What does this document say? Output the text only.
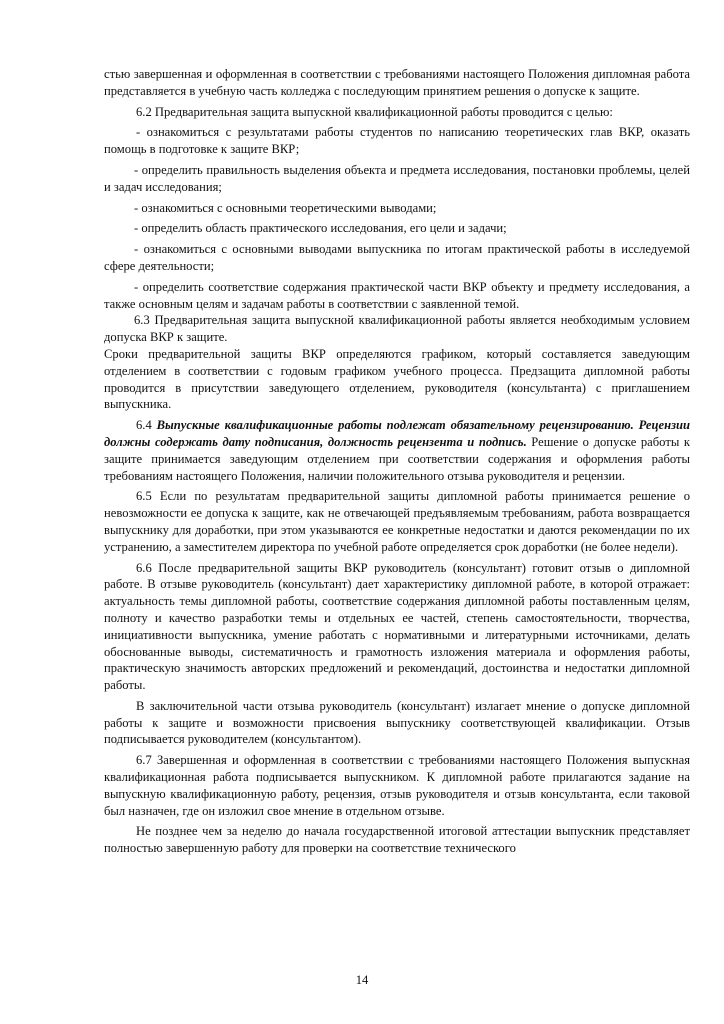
стью завершенная и оформленная в соответствии с требованиями настоящего Положения дипломная работа представляется в учебную часть колледжа с последующим принятием решения о допуске к защите.

6.2 Предварительная защита выпускной квалификационной работы проводится с целью:

- ознакомиться с результатами работы студентов по написанию теоретических глав ВКР, оказать помощь в подготовке к защите ВКР;

- определить правильность выделения объекта и предмета исследования, постановки проблемы, целей и задач исследования;

- ознакомиться с основными теоретическими выводами;

- определить область практического исследования, его цели и задачи;

- ознакомиться с основными выводами выпускника по итогам практической работы в исследуемой сфере деятельности;

- определить соответствие содержания практической части ВКР объекту и предмету исследования, а также основным целям и задачам работы в соответствии с заявленной темой.

6.3 Предварительная защита выпускной квалификационной работы является необходимым условием допуска ВКР к защите.

Сроки предварительной защиты ВКР определяются графиком, который составляется заведующим отделением в соответствии с годовым графиком учебного процесса. Предзащита дипломной работы проводится в присутствии заведующего отделением, руководителя (консультанта) с приглашением выпускника.

6.4 Выпускные квалификационные работы подлежат обязательному рецензированию. Рецензии должны содержать дату подписания, должность рецензента и подпись. Решение о допуске работы к защите принимается заведующим отделением при соответствии содержания и оформления работы требованиям настоящего Положения, наличии положительного отзыва руководителя и рецензии.

6.5 Если по результатам предварительной защиты дипломной работы принимается решение о невозможности ее допуска к защите, как не отвечающей предъявляемым требованиям, работа возвращается выпускнику для доработки, при этом указываются ее конкретные недостатки и даются рекомендации по их устранению, а заместителем директора по учебной работе определяется срок доработки (не более недели).

6.6 После предварительной защиты ВКР руководитель (консультант) готовит отзыв о дипломной работе. В отзыве руководитель (консультант) дает характеристику дипломной работе, в которой отражает: актуальность темы дипломной работы, соответствие содержания дипломной работы поставленным целям, полноту и качество разработки темы и отдельных ее частей, степень самостоятельности, творчества, инициативности выпускника, умение работать с нормативными и литературными источниками, делать обоснованные выводы, систематичность и грамотность изложения материала и оформления работы, практическую значимость авторских предложений и рекомендаций, достоинства и недостатки дипломной работы.

В заключительной части отзыва руководитель (консультант) излагает мнение о допуске дипломной работы к защите и возможности присвоения выпускнику соответствующей квалификации. Отзыв подписывается руководителем (консультантом).

6.7 Завершенная и оформленная в соответствии с требованиями настоящего Положения выпускная квалификационная работа подписывается выпускником. К дипломной работе прилагаются задание на выпускную квалификационную работу, рецензия, отзыв руководителя и отзыв консультанта, если таковой был назначен, где он изложил свое мнение в отдельном отзыве.

Не позднее чем за неделю до начала государственной итоговой аттестации выпускник представляет полностью завершенную работу для проверки на соответствие технического

14
